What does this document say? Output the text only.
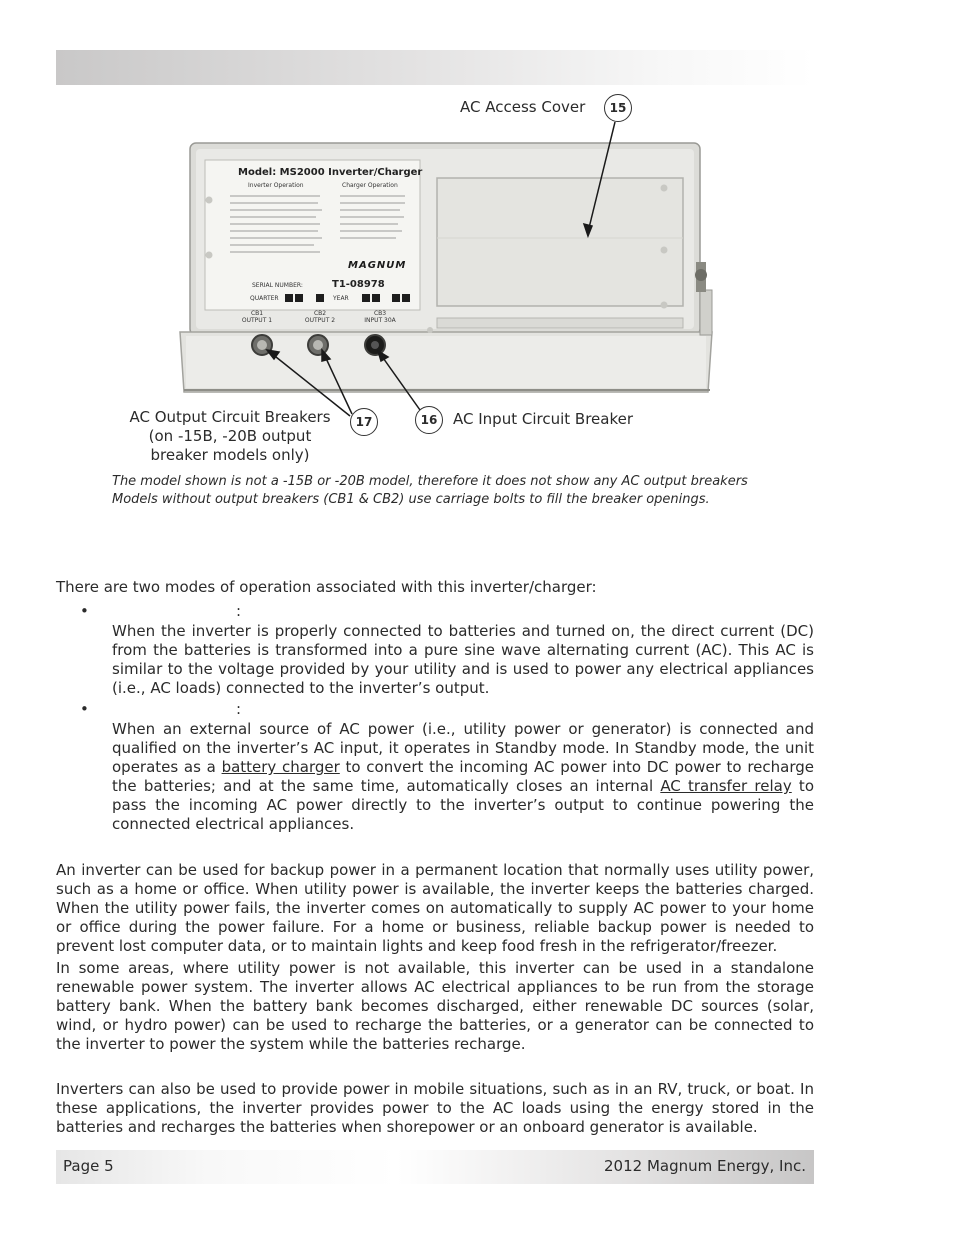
Model: MS2000 Inverter/Charger
Inverter Operation	Charger Operation
MAGNUM
SERIAL NUMBER:	T1-08978
QUARTER	YEAR
CB1
OUTPUT 1
CB2
OUTPUT 2
CB3
INPUT 30A
AC Access Cover	15
AC Output Circuit Breakers
(on -15B, -20B output
breaker models only)
17	16	AC Input Circuit Breaker
The model shown is not a -15B or -20B model, therefore it does not show any AC output breakers
Models without output breakers (CB1 & CB2) use carriage bolts to fill the breaker openings.

There are two modes of operation associated with this inverter/charger:

•	:

When the inverter is properly connected to batteries and turned on, the direct current (DC) from the batteries is transformed into a pure sine wave alternating current (AC). This AC is similar to the voltage provided by your utility and is used to power any electrical appliances (i.e., AC loads) connected to the inverter’s output.

•	:

When an external source of AC power (i.e., utility power or generator) is connected and qualified on the inverter’s AC input, it operates in Standby mode. In Standby mode, the unit operates as a battery charger to convert the incoming AC power into DC power to recharge the batteries; and at the same time, automatically closes an internal AC transfer relay to pass the incoming AC power directly to the inverter’s output to continue powering the connected electrical appliances.

An inverter can be used for backup power in a permanent location that normally uses utility power, such as a home or office. When utility power is available, the inverter keeps the batteries charged. When the utility power fails, the inverter comes on automatically to supply AC power to your home or office during the power failure. For a home or business, reliable backup power is needed to prevent lost computer data, or to maintain lights and keep food fresh in the refrigerator/freezer.

In some areas, where utility power is not available, this inverter can be used in a standalone renewable power system. The inverter allows AC electrical appliances to be run from the storage battery bank. When the battery bank becomes discharged, either renewable DC sources (solar, wind, or hydro power) can be used to recharge the batteries, or a generator can be connected to the inverter to power the system while the batteries recharge.

Inverters can also be used to provide power in mobile situations, such as in an RV, truck, or boat. In these applications, the inverter provides power to the AC loads using the energy stored in the batteries and recharges the batteries when shorepower or an onboard generator is available.

Page 5	2012 Magnum Energy, Inc.
